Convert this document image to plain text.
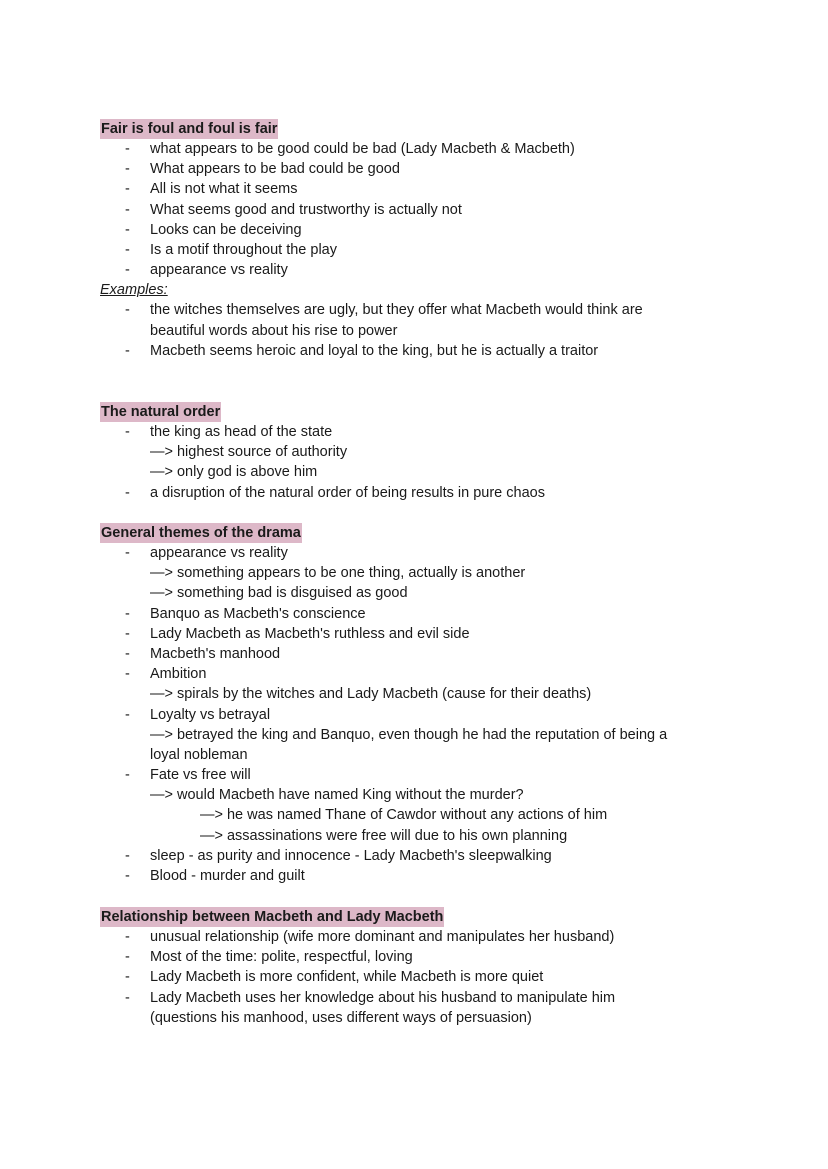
Fair is foul and foul is fair
- what appears to be good could be bad (Lady Macbeth & Macbeth)
- What appears to be bad could be good
- All is not what it seems
- What seems good and trustworthy is actually not
- Looks can be deceiving
- Is a motif throughout the play
- appearance vs reality
Examples:
- the witches themselves are ugly, but they offer what Macbeth would think are
beautiful words about his rise to power
- Macbeth seems heroic and loyal to the king, but he is actually a traitor
The natural order
- the king as head of the state
—> highest source of authority
—> only god is above him
- a disruption of the natural order of being results in pure chaos
General themes of the drama
- appearance vs reality
—> something appears to be one thing, actually is another
—> something bad is disguised as good
- Banquo as Macbeth's conscience
- Lady Macbeth as Macbeth's ruthless and evil side
- Macbeth's manhood
- Ambition
—> spirals by the witches and Lady Macbeth (cause for their deaths)
- Loyalty vs betrayal
—> betrayed the king and Banquo, even though he had the reputation of being a
loyal nobleman
- Fate vs free will
—> would Macbeth have named King without the murder?
—> he was named Thane of Cawdor without any actions of him
—> assassinations were free will due to his own planning
- sleep - as purity and innocence - Lady Macbeth's sleepwalking
- Blood - murder and guilt
Relationship between Macbeth and Lady Macbeth
- unusual relationship (wife more dominant and manipulates her husband)
- Most of the time: polite, respectful, loving
- Lady Macbeth is more confident, while Macbeth is more quiet
- Lady Macbeth uses her knowledge about his husband to manipulate him
(questions his manhood, uses different ways of persuasion)
